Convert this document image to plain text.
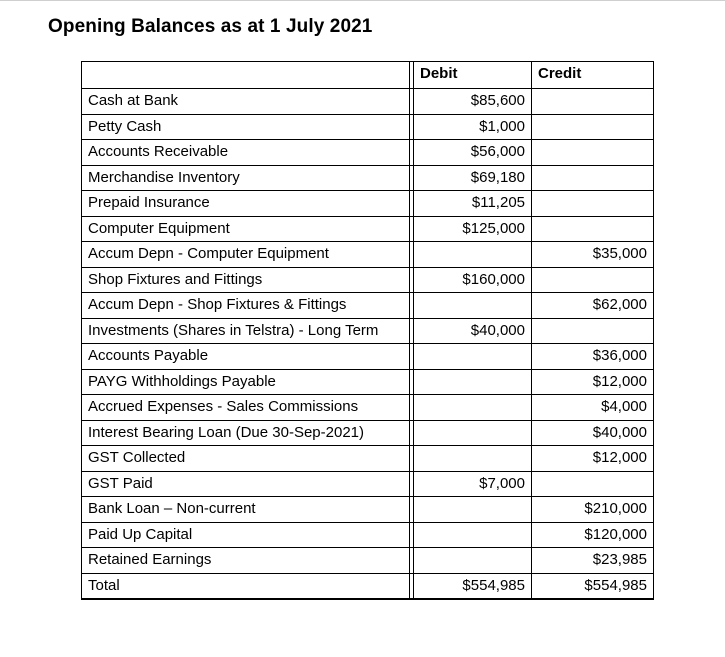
Opening Balances as at 1 July 2021
		Debit	Credit
Cash at Bank		$85,600	
Petty Cash		$1,000	
Accounts Receivable		$56,000	
Merchandise Inventory		$69,180	
Prepaid Insurance		$11,205	
Computer Equipment		$125,000	
Accum Depn - Computer Equipment			$35,000
Shop Fixtures and Fittings		$160,000	
Accum Depn - Shop Fixtures & Fittings			$62,000
Investments (Shares in Telstra) - Long Term		$40,000	
Accounts Payable			$36,000
PAYG Withholdings Payable			$12,000
Accrued Expenses - Sales Commissions			$4,000
Interest Bearing Loan (Due 30-Sep-2021)			$40,000
GST Collected			$12,000
GST Paid		$7,000	
Bank Loan – Non-current			$210,000
Paid Up Capital			$120,000
Retained Earnings			$23,985
Total		$554,985	$554,985
